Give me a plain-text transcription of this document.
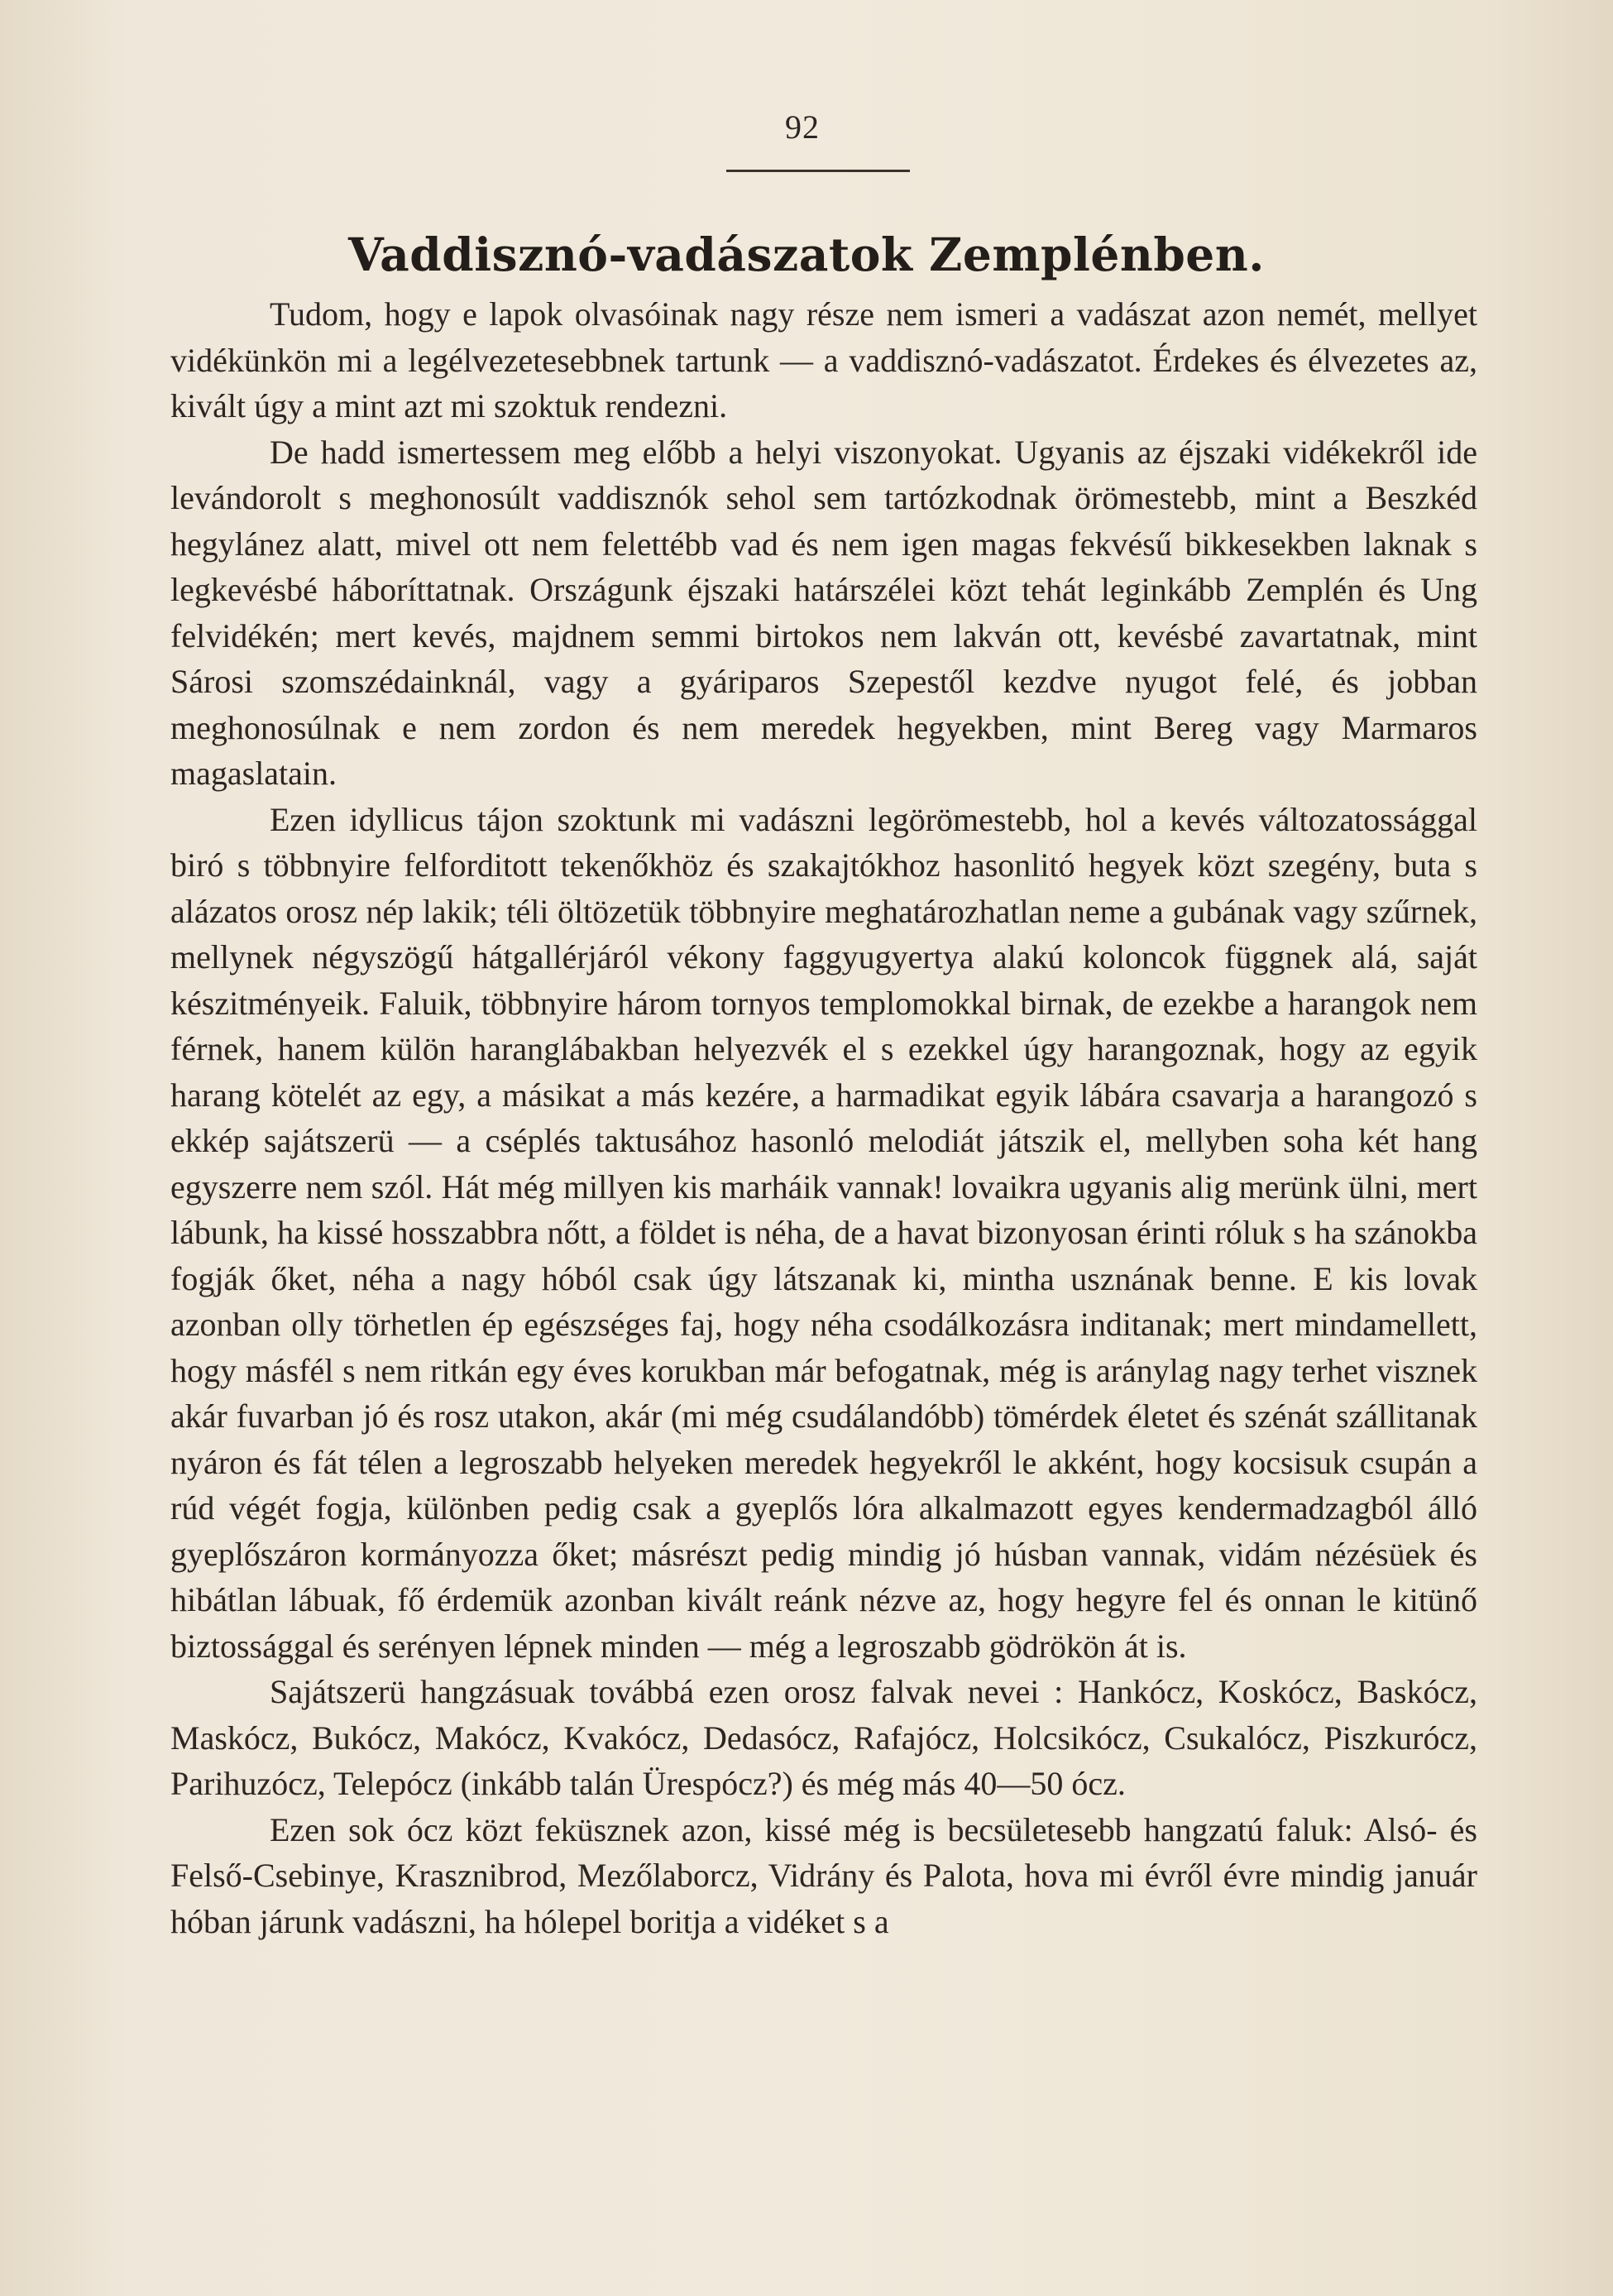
92
Vaddisznó-vadászatok Zemplénben.

Tudom, hogy e lapok olvasóinak nagy része nem ismeri a vadászat azon nemét, mellyet vidékünkön mi a legélvezetesebbnek tartunk — a vaddisznó-vadászatot. Érdekes és élvezetes az, kivált úgy a mint azt mi szoktuk rendezni.

De hadd ismertessem meg előbb a helyi viszonyokat. Ugyanis az éjszaki vidékekről ide levándorolt s meghonosúlt vaddisznók sehol sem tartózkodnak örömestebb, mint a Beszkéd hegylánez alatt, mivel ott nem felettébb vad és nem igen magas fekvésű bikkesekben laknak s legkevésbé háboríttatnak. Országunk éjszaki határszélei közt tehát leginkább Zemplén és Ung felvidékén; mert kevés, majdnem semmi birtokos nem lakván ott, kevésbé zavartatnak, mint Sárosi szomszédainknál, vagy a gyáriparos Szepestől kezdve nyugot felé, és jobban meghonosúlnak e nem zordon és nem meredek hegyekben, mint Bereg vagy Marmaros magaslatain.

Ezen idyllicus tájon szoktunk mi vadászni legörömestebb, hol a kevés változatossággal biró s többnyire felforditott tekenőkhöz és szakajtókhoz hasonlitó hegyek közt szegény, buta s alázatos orosz nép lakik; téli öltözetük többnyire meghatározhatlan neme a gubának vagy szűrnek, mellynek négyszögű hátgallérjáról vékony faggyugyertya alakú koloncok függnek alá, saját készitményeik. Faluik, többnyire három tornyos templomokkal birnak, de ezekbe a harangok nem férnek, hanem külön haranglábakban helyezvék el s ezekkel úgy harangoznak, hogy az egyik harang kötelét az egy, a másikat a más kezére, a harmadikat egyik lábára csavarja a harangozó s ekkép sajátszerü — a cséplés taktusához hasonló melodiát játszik el, mellyben soha két hang egyszerre nem szól. Hát még millyen kis marháik vannak! lovaikra ugyanis alig merünk ülni, mert lábunk, ha kissé hosszabbra nőtt, a földet is néha, de a havat bizonyosan érinti róluk s ha szánokba fogják őket, néha a nagy hóból csak úgy látszanak ki, mintha usznának benne. E kis lovak azonban olly törhetlen ép egészséges faj, hogy néha csodálkozásra inditanak; mert mindamellett, hogy másfél s nem ritkán egy éves korukban már befogatnak, még is aránylag nagy terhet visznek akár fuvarban jó és rosz utakon, akár (mi még csudálandóbb) tömérdek életet és szénát szállitanak nyáron és fát télen a legroszabb helyeken meredek hegyekről le akként, hogy kocsisuk csupán a rúd végét fogja, különben pedig csak a gyeplős lóra alkalmazott egyes kendermadzagból álló gyeplőszáron kormányozza őket; másrészt pedig mindig jó húsban vannak, vidám nézésüek és hibátlan lábuak, fő érdemük azonban kivált reánk nézve az, hogy hegyre fel és onnan le kitünő biztossággal és serényen lépnek minden — még a legroszabb gödrökön át is.

Sajátszerü hangzásuak továbbá ezen orosz falvak nevei : Hankócz, Koskócz, Baskócz, Maskócz, Bukócz, Makócz, Kvakócz, Dedasócz, Rafajócz, Holcsikócz, Csukalócz, Piszkurócz, Parihuzócz, Telepócz (inkább talán Ürespócz?) és még más 40—50 ócz.

Ezen sok ócz közt feküsznek azon, kissé még is becsületesebb hangzatú faluk: Alsó- és Felső-Csebinye, Krasznibrod, Mezőlaborcz, Vidrány és Palota, hova mi évről évre mindig január hóban járunk vadászni, ha hólepel boritja a vidéket s a
